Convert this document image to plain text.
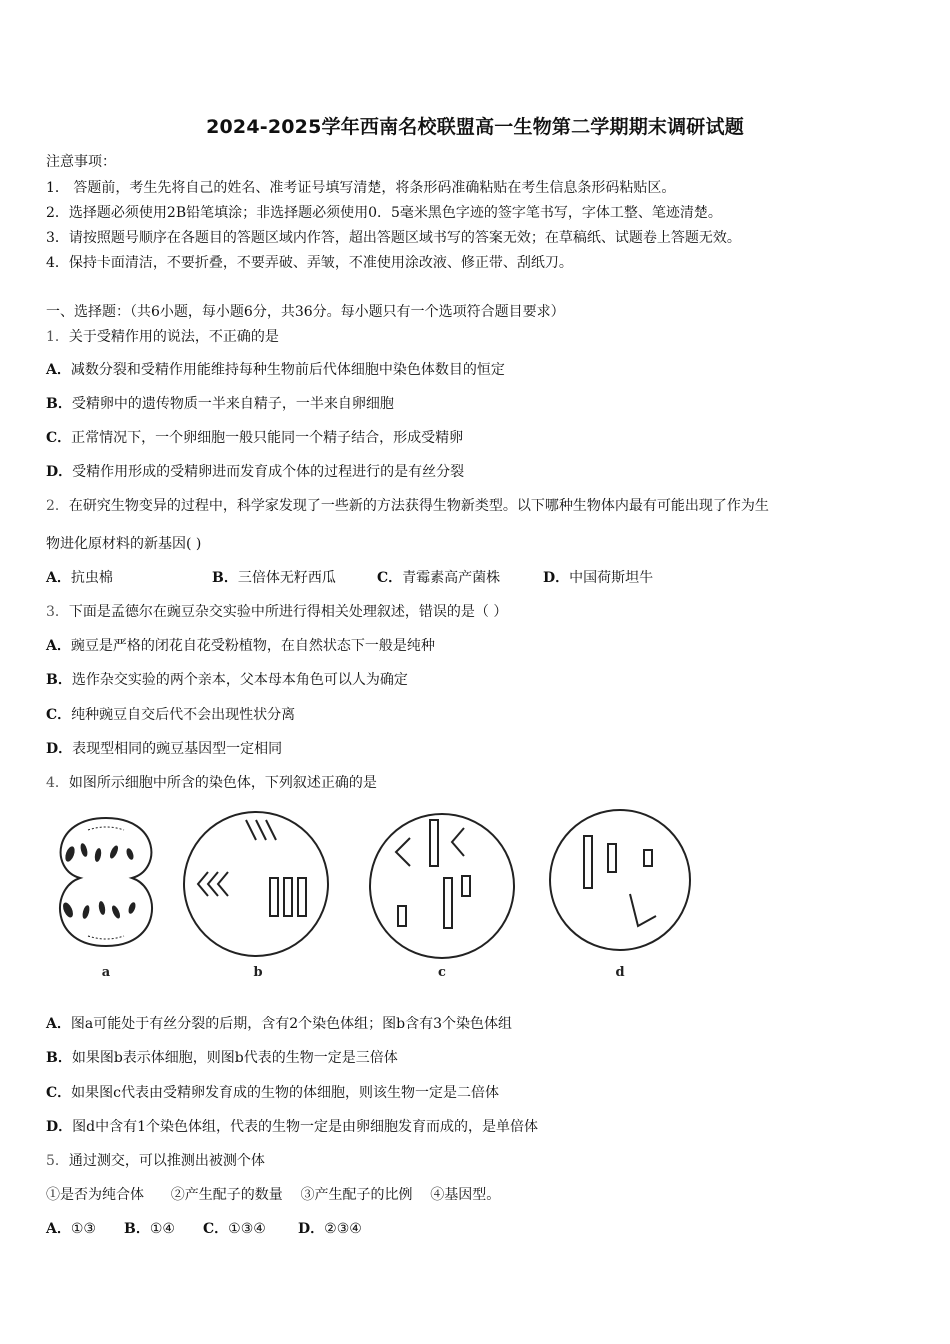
2024-2025学年西南名校联盟高一生物第二学期期末调研试题
注意事项：
1． 答题前，考生先将自己的姓名、准考证号填写清楚，将条形码准确粘贴在考生信息条形码粘贴区。
2．选择题必须使用2B铅笔填涂；非选择题必须使用0．5毫米黑色字迹的签字笔书写，字体工整、笔迹清楚。
3．请按照题号顺序在各题目的答题区域内作答，超出答题区域书写的答案无效；在草稿纸、试题卷上答题无效。
4．保持卡面清洁，不要折叠，不要弄破、弄皱，不准使用涂改液、修正带、刮纸刀。
一、选择题：（共6小题，每小题6分，共36分。每小题只有一个选项符合题目要求）
1．关于受精作用的说法，不正确的是
A．减数分裂和受精作用能维持每种生物前后代体细胞中染色体数目的恒定
B．受精卵中的遗传物质一半来自精子，一半来自卵细胞
C．正常情况下，一个卵细胞一般只能同一个精子结合，形成受精卵
D．受精作用形成的受精卵进而发育成个体的过程进行的是有丝分裂
2．在研究生物变异的过程中，科学家发现了一些新的方法获得生物新类型。以下哪种生物体内最有可能出现了作为生
物进化原材料的新基因( )
A．抗虫棉	B．三倍体无籽西瓜	C．青霉素高产菌株	D．中国荷斯坦牛
3．下面是孟德尔在豌豆杂交实验中所进行得相关处理叙述，错误的是（ ）
A．豌豆是严格的闭花自花受粉植物，在自然状态下一般是纯种
B．选作杂交实验的两个亲本，父本母本角色可以人为确定
C．纯种豌豆自交后代不会出现性状分离
D．表现型相同的豌豆基因型一定相同
4．如图所示细胞中所含的染色体，下列叙述正确的是
a	b	c	d
A．图a可能处于有丝分裂的后期，含有2个染色体组；图b含有3个染色体组
B．如果图b表示体细胞，则图b代表的生物一定是三倍体
C．如果图c代表由受精卵发育成的生物的体细胞，则该生物一定是二倍体
D．图d中含有1个染色体组，代表的生物一定是由卵细胞发育而成的，是单倍体
5．通过测交，可以推测出被测个体
①是否为纯合体      ②产生配子的数量    ③产生配子的比例    ④基因型。
A．①③ B．①④ C．①③④ D．②③④
